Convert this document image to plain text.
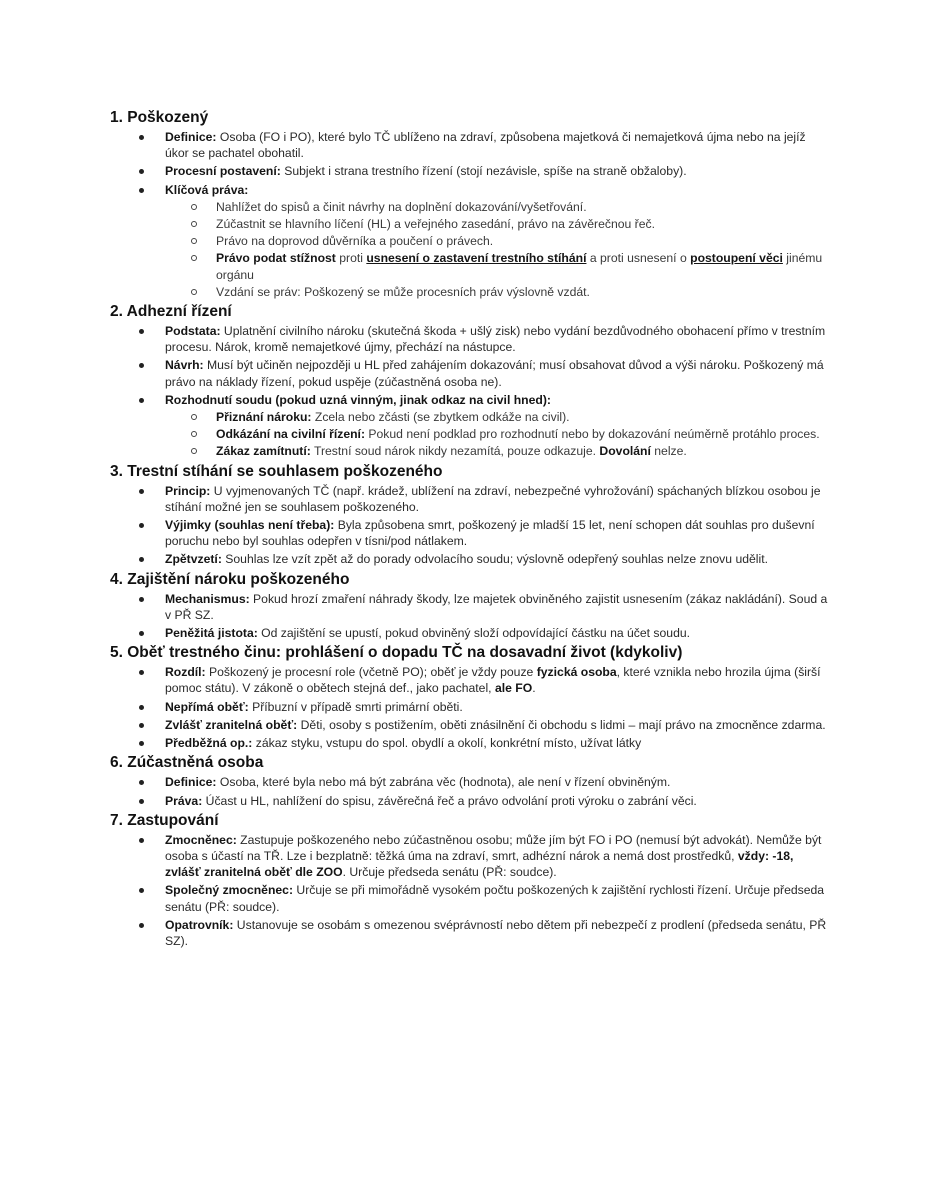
1. Poškozený
Definice: Osoba (FO i PO), které bylo TČ ublíženo na zdraví, způsobena majetková či nemajetková újma nebo na jejíž úkor se pachatel obohatil.
Procesní postavení: Subjekt i strana trestního řízení (stojí nezávisle, spíše na straně obžaloby).
Klíčová práva:
Nahlížet do spisů a činit návrhy na doplnění dokazování/vyšetřování.
Zúčastnit se hlavního líčení (HL) a veřejného zasedání, právo na závěrečnou řeč.
Právo na doprovod důvěrníka a poučení o právech.
Právo podat stížnost proti usnesení o zastavení trestního stíhání a proti usnesení o postoupení věci jinému orgánu
Vzdání se práv: Poškozený se může procesních práv výslovně vzdát.
2. Adhezní řízení
Podstata: Uplatnění civilního nároku (skutečná škoda + ušlý zisk) nebo vydání bezdůvodného obohacení přímo v trestním procesu. Nárok, kromě nemajetkové újmy, přechází na nástupce.
Návrh: Musí být učiněn nejpozději u HL před zahájením dokazování; musí obsahovat důvod a výši nároku. Poškozený má právo na náklady řízení, pokud uspěje (zúčastněná osoba ne).
Rozhodnutí soudu (pokud uzná vinným, jinak odkaz na civil hned):
Přiznání nároku: Zcela nebo zčásti (se zbytkem odkáže na civil).
Odkázání na civilní řízení: Pokud není podklad pro rozhodnutí nebo by dokazování neúměrně protáhlo proces.
Zákaz zamítnutí: Trestní soud nárok nikdy nezamítá, pouze odkazuje. Dovolání nelze.
3. Trestní stíhání se souhlasem poškozeného
Princip: U vyjmenovaných TČ (např. krádež, ublížení na zdraví, nebezpečné vyhrožování) spáchaných blízkou osobou je stíhání možné jen se souhlasem poškozeného.
Výjimky (souhlas není třeba): Byla způsobena smrt, poškozený je mladší 15 let, není schopen dát souhlas pro duševní poruchu nebo byl souhlas odepřen v tísni/pod nátlakem.
Zpětvzetí: Souhlas lze vzít zpět až do porady odvolacího soudu; výslovně odepřený souhlas nelze znovu udělit.
4. Zajištění nároku poškozeného
Mechanismus: Pokud hrozí zmaření náhrady škody, lze majetek obviněného zajistit usnesením (zákaz nakládání). Soud a v PŘ SZ.
Peněžitá jistota: Od zajištění se upustí, pokud obviněný složí odpovídající částku na účet soudu.
5. Oběť trestného činu: prohlášení o dopadu TČ na dosavadní život (kdykoliv)
Rozdíl: Poškozený je procesní role (včetně PO); oběť je vždy pouze fyzická osoba, které vznikla nebo hrozila újma (širší pomoc státu). V zákoně o obětech stejná def., jako pachatel, ale FO.
Nepřímá oběť: Příbuzní v případě smrti primární oběti.
Zvlášť zranitelná oběť: Děti, osoby s postižením, oběti znásilnění či obchodu s lidmi – mají právo na zmocněnce zdarma.
Předběžná op.: zákaz styku, vstupu do spol. obydlí a okolí, konkrétní místo, užívat látky
6. Zúčastněná osoba
Definice: Osoba, které byla nebo má být zabrána věc (hodnota), ale není v řízení obviněným.
Práva: Účast u HL, nahlížení do spisu, závěrečná řeč a právo odvolání proti výroku o zabrání věci.
7. Zastupování
Zmocněnec: Zastupuje poškozeného nebo zúčastněnou osobu; může jím být FO i PO (nemusí být advokát). Nemůže být osoba s účastí na TŘ. Lze i bezplatně: těžká úma na zdraví, smrt, adhézní nárok a nemá dost prostředků, vždy: -18, zvlášť zranitelná oběť dle ZOO. Určuje předseda senátu (PŘ: soudce).
Společný zmocněnec: Určuje se při mimořádně vysokém počtu poškozených k zajištění rychlosti řízení. Určuje předseda senátu (PŘ: soudce).
Opatrovník: Ustanovuje se osobám s omezenou svéprávností nebo dětem při nebezpečí z prodlení (předseda senátu, PŘ SZ).
